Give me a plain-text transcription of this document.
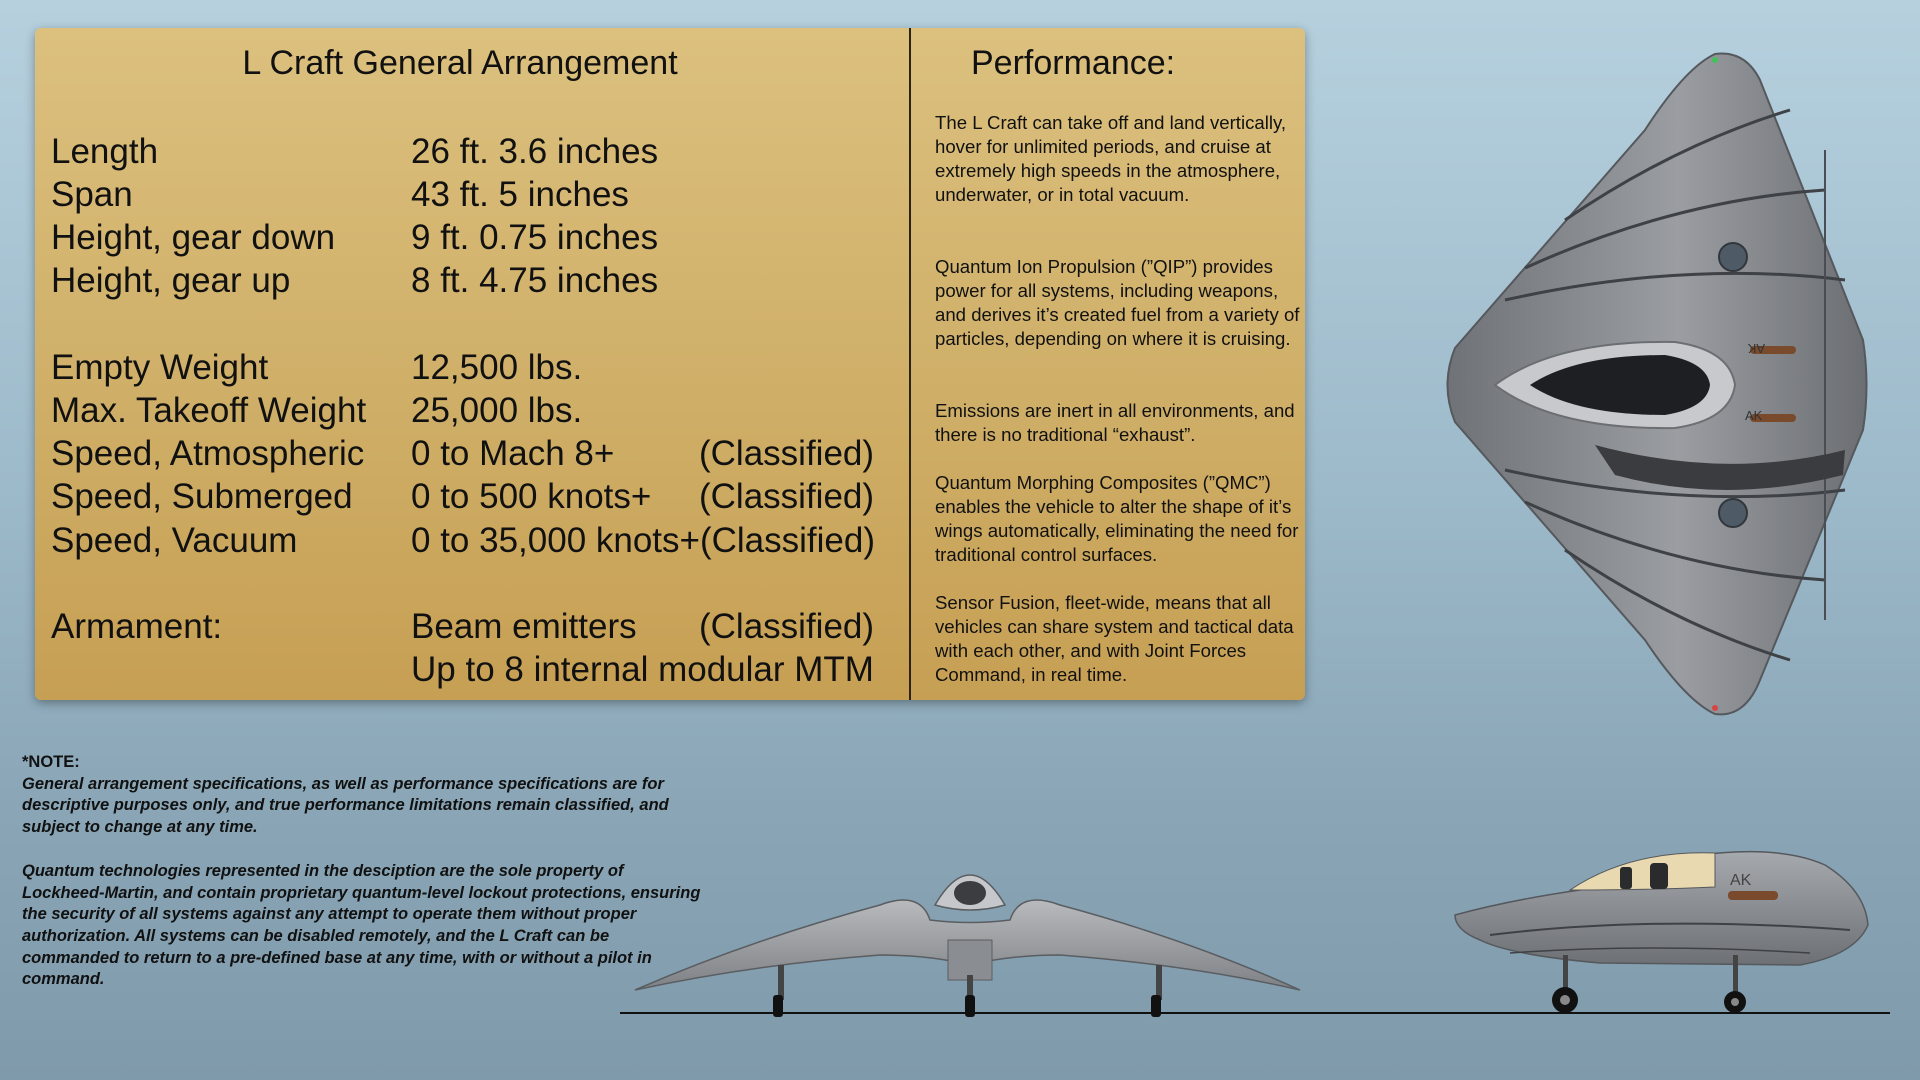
L Craft General Arrangement
Length	26 ft. 3.6 inches
Span	43 ft. 5 inches
Height, gear down 9 ft. 0.75 inches
Height, gear up	8 ft. 4.75 inches
Empty Weight	12,500 lbs.
Max. Takeoff Weight 25,000 lbs.
Speed, Atmospheric 0 to Mach 8+ (Classified)
Speed, Submerged 0 to 500 knots+ (Classified)
Speed, Vacuum	0 to 35,000 knots+(Classified)
Armament:	Beam emitters (Classified)
Up to 8 internal modular MTM
Performance:

The L Craft can take off and land vertically, hover for unlimited periods, and cruise at extremely high speeds in the atmosphere, underwater, or in total vacuum.

Quantum Ion Propulsion (”QIP”) provides power for all systems, including weapons, and derives it’s created fuel from a variety of particles, depending on where it is cruising.

Emissions are inert in all environments, and there is no traditional “exhaust”.

Quantum Morphing Composites (”QMC”) enables the vehicle to alter the shape of it’s wings automatically, eliminating the need for traditional control surfaces.

Sensor Fusion, fleet-wide, means that all vehicles can share system and tactical data with each other, and with Joint Forces Command, in real time.

AK
AK
AK
*NOTE:

General arrangement specifications, as well as performance specifications are for descriptive purposes only, and true performance limitations remain classified, and subject to change at any time.

Quantum technologies represented in the desciption are the sole property of Lockheed-Martin, and contain proprietary quantum-level lockout protections, ensuring the security of all systems against any attempt to operate them without proper authorization. All systems can be disabled remotely, and the L Craft can be commanded to return to a pre-defined base at any time, with or without a pilot in command.
